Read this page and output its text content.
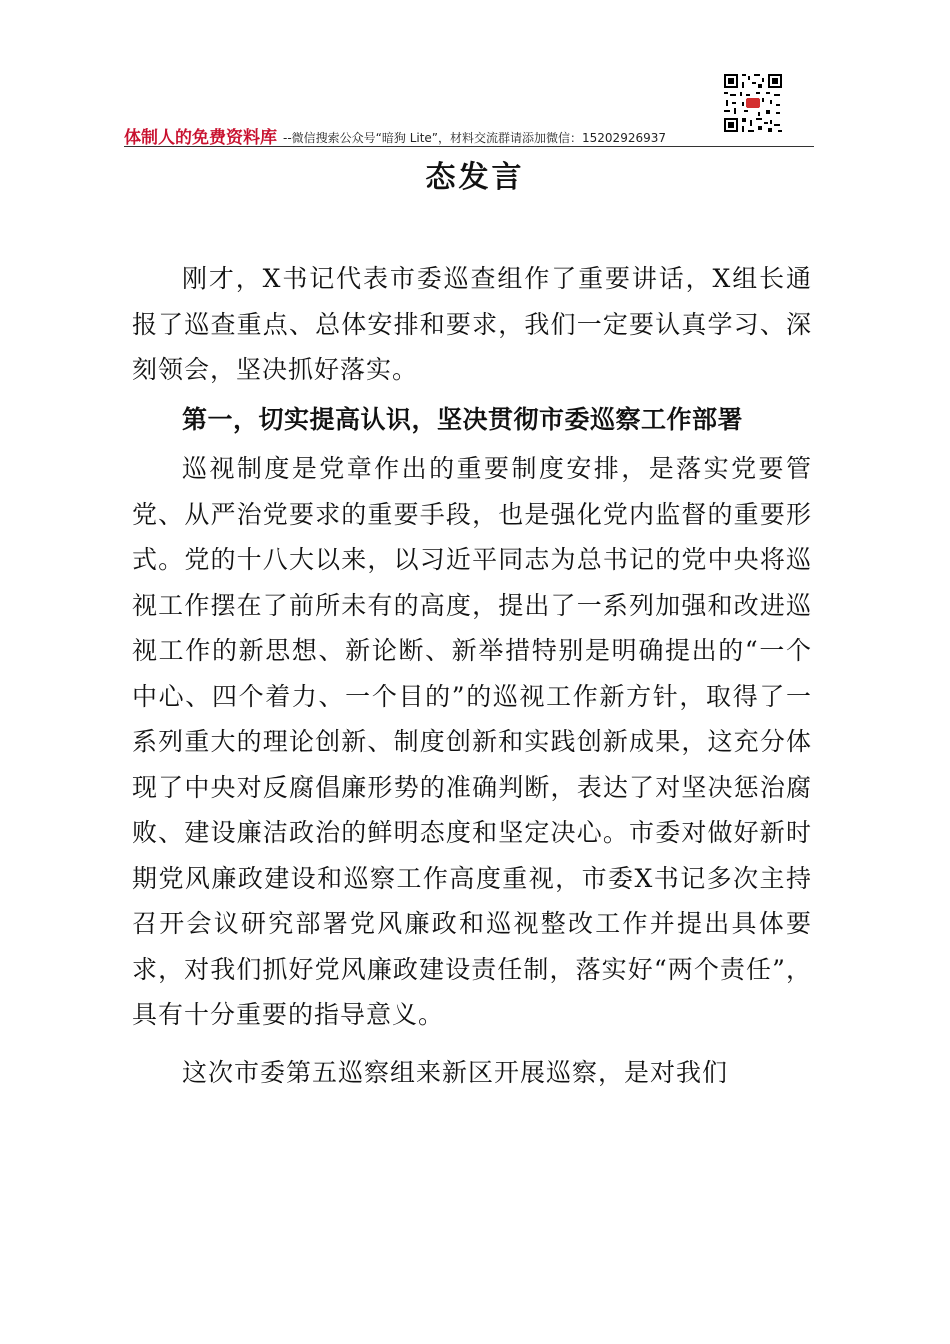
体制人的免费资料库 --微信搜索公众号“暗狗 Lite”，材料交流群请添加微信：15202926937
态发言

刚才，X书记代表市委巡查组作了重要讲话，X组长通报了巡查重点、总体安排和要求，我们一定要认真学习、深刻领会，坚决抓好落实。

第一，切实提高认识，坚决贯彻市委巡察工作部署

巡视制度是党章作出的重要制度安排，是落实党要管党、从严治党要求的重要手段，也是强化党内监督的重要形式。党的十八大以来，以习近平同志为总书记的党中央将巡视工作摆在了前所未有的高度，提出了一系列加强和改进巡视工作的新思想、新论断、新举措特别是明确提出的“一个中心、四个着力、一个目的”的巡视工作新方针，取得了一系列重大的理论创新、制度创新和实践创新成果，这充分体现了中央对反腐倡廉形势的准确判断，表达了对坚决惩治腐败、建设廉洁政治的鲜明态度和坚定决心。市委对做好新时期党风廉政建设和巡察工作高度重视，市委X书记多次主持召开会议研究部署党风廉政和巡视整改工作并提出具体要求，对我们抓好党风廉政建设责任制，落实好“两个责任”，具有十分重要的指导意义。

这次市委第五巡察组来新区开展巡察，是对我们
